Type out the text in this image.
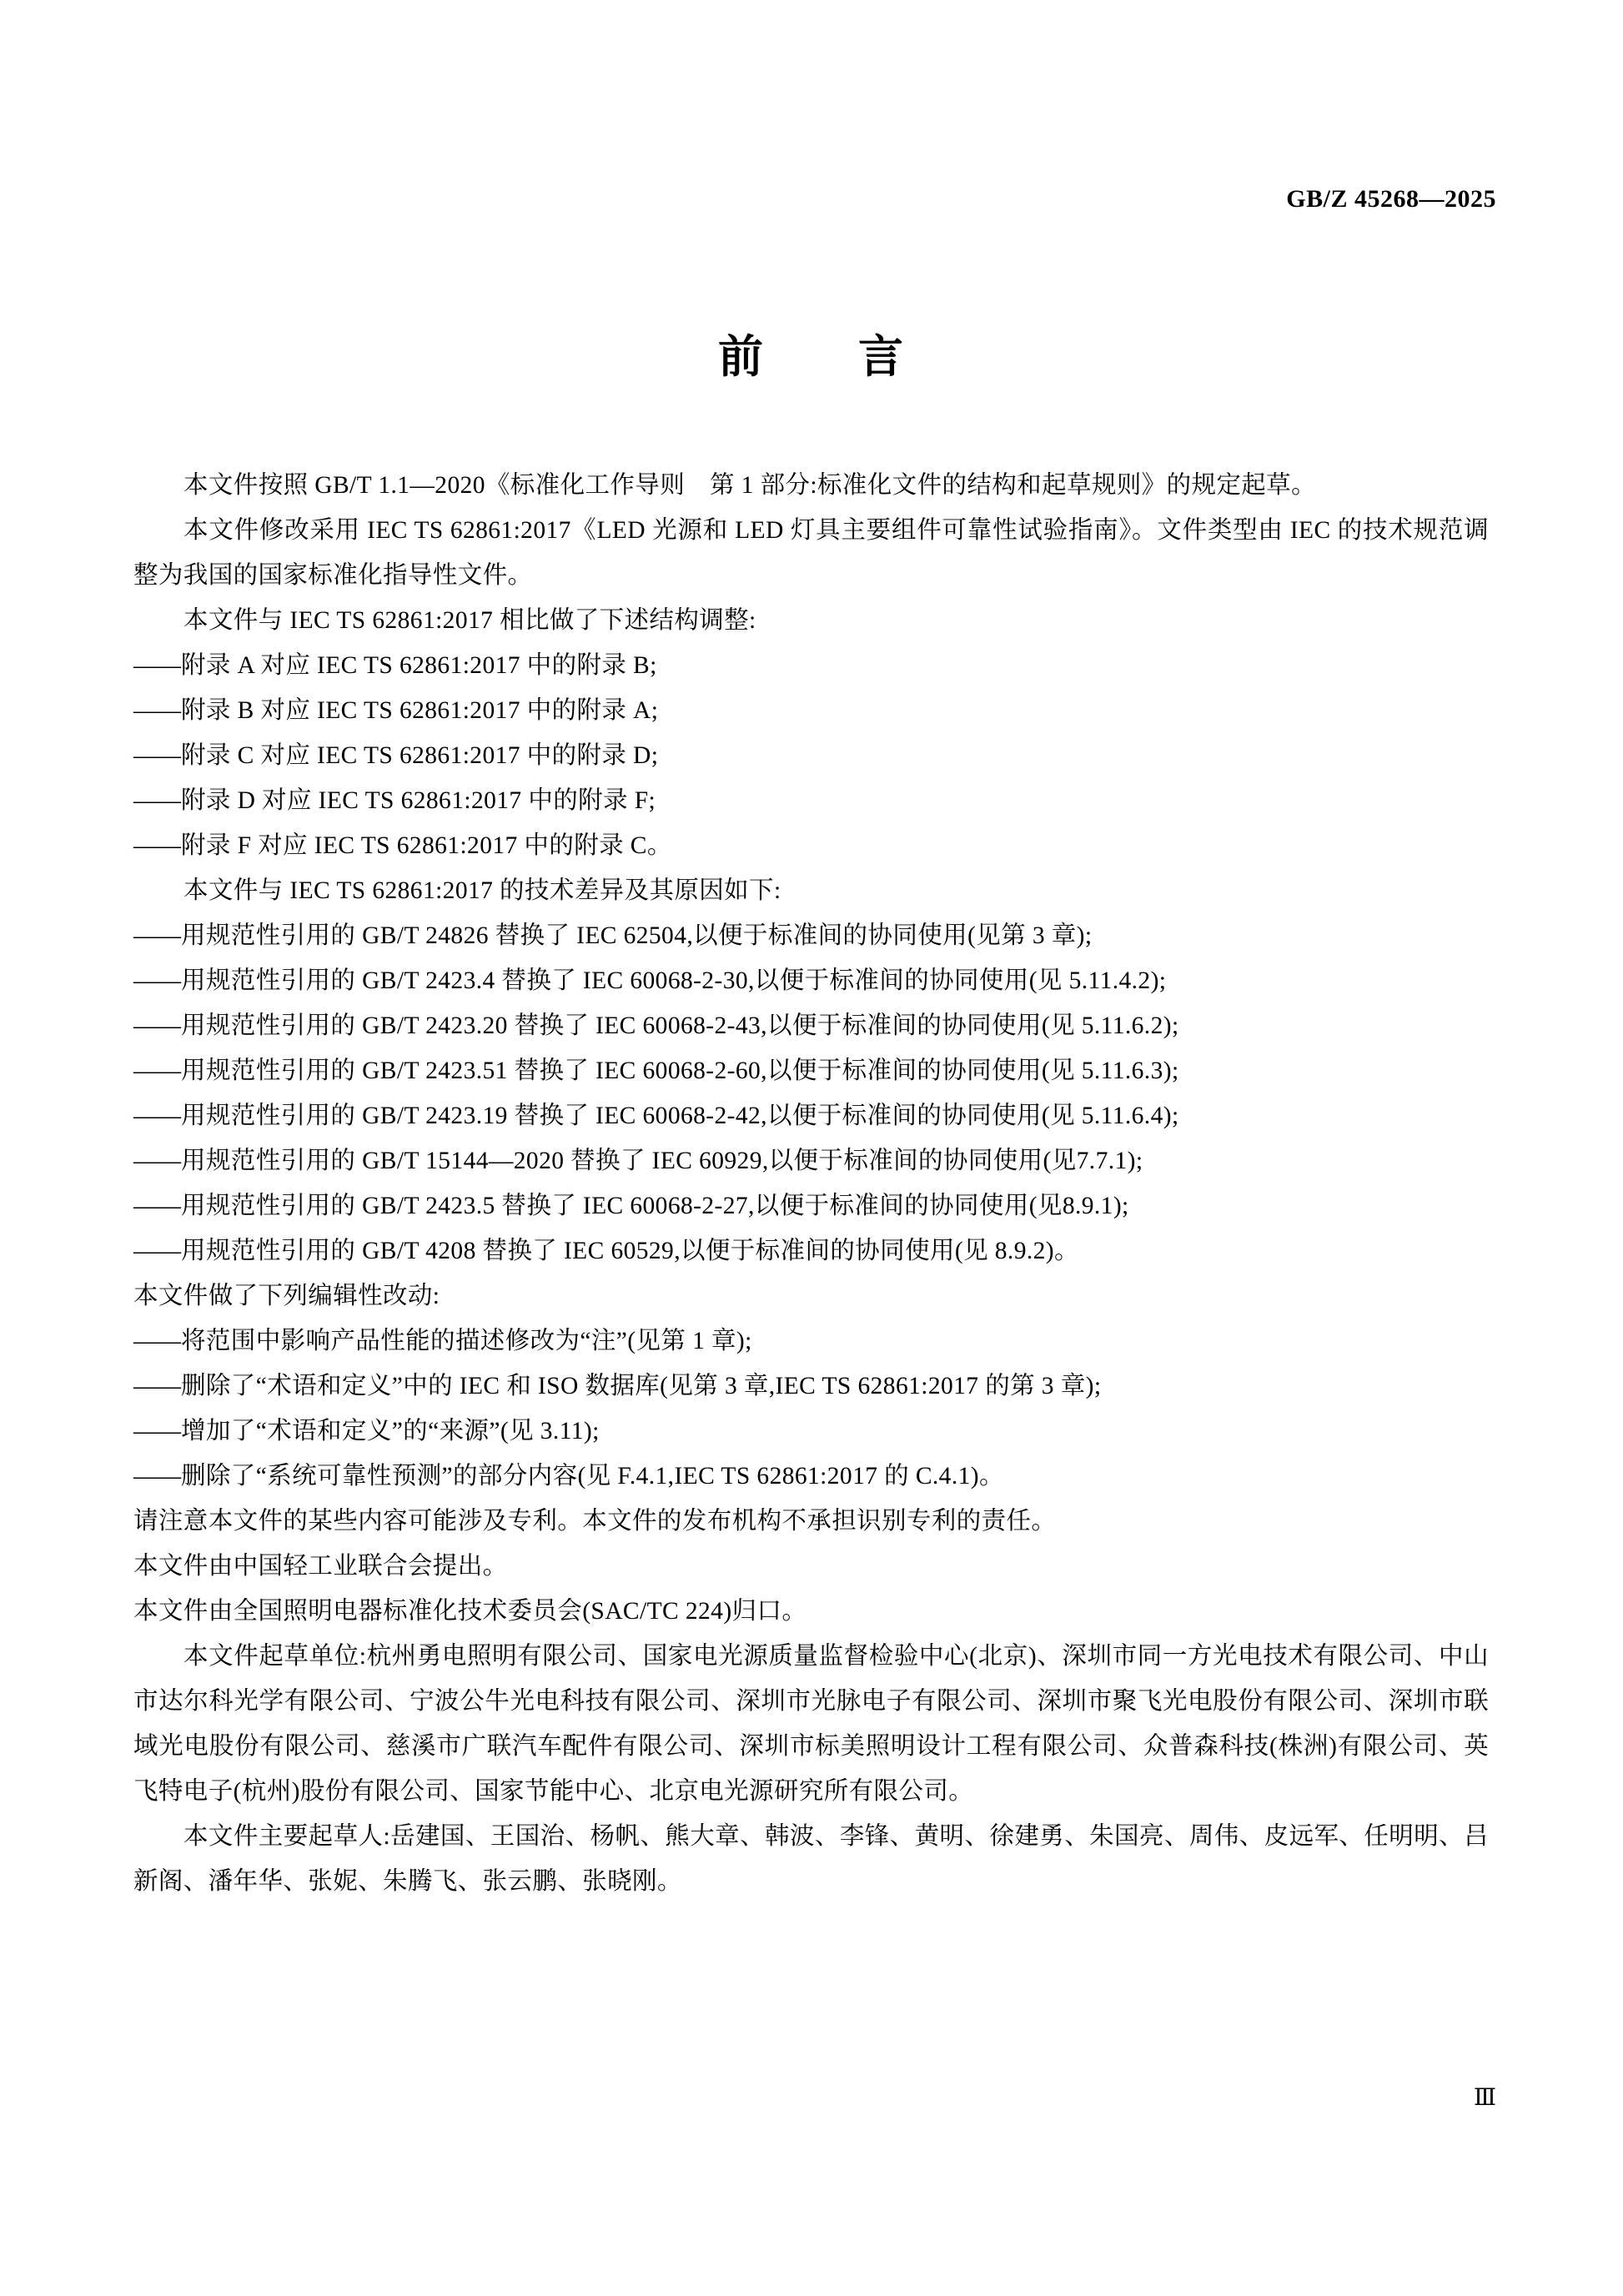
GB/Z 45268—2025
前　　言

本文件按照 GB/T 1.1—2020《标准化工作导则　第 1 部分:标准化文件的结构和起草规则》的规定起草。

本文件修改采用 IEC TS 62861:2017《LED 光源和 LED 灯具主要组件可靠性试验指南》。文件类型由 IEC 的技术规范调整为我国的国家标准化指导性文件。

本文件与 IEC TS 62861:2017 相比做了下述结构调整:

——附录 A 对应 IEC TS 62861:2017 中的附录 B;

——附录 B 对应 IEC TS 62861:2017 中的附录 A;

——附录 C 对应 IEC TS 62861:2017 中的附录 D;

——附录 D 对应 IEC TS 62861:2017 中的附录 F;

——附录 F 对应 IEC TS 62861:2017 中的附录 C。

本文件与 IEC TS 62861:2017 的技术差异及其原因如下:

——用规范性引用的 GB/T 24826 替换了 IEC 62504,以便于标准间的协同使用(见第 3 章);

——用规范性引用的 GB/T 2423.4 替换了 IEC 60068-2-30,以便于标准间的协同使用(见 5.11.4.2);

——用规范性引用的 GB/T 2423.20 替换了 IEC 60068-2-43,以便于标准间的协同使用(见 5.11.6.2);

——用规范性引用的 GB/T 2423.51 替换了 IEC 60068-2-60,以便于标准间的协同使用(见 5.11.6.3);

——用规范性引用的 GB/T 2423.19 替换了 IEC 60068-2-42,以便于标准间的协同使用(见 5.11.6.4);

——用规范性引用的 GB/T 15144—2020 替换了 IEC 60929,以便于标准间的协同使用(见7.7.1);

——用规范性引用的 GB/T 2423.5 替换了 IEC 60068-2-27,以便于标准间的协同使用(见8.9.1);

——用规范性引用的 GB/T 4208 替换了 IEC 60529,以便于标准间的协同使用(见 8.9.2)。

本文件做了下列编辑性改动:

——将范围中影响产品性能的描述修改为“注”(见第 1 章);

——删除了“术语和定义”中的 IEC 和 ISO 数据库(见第 3 章,IEC TS 62861:2017 的第 3 章);

——增加了“术语和定义”的“来源”(见 3.11);

——删除了“系统可靠性预测”的部分内容(见 F.4.1,IEC TS 62861:2017 的 C.4.1)。

请注意本文件的某些内容可能涉及专利。本文件的发布机构不承担识别专利的责任。

本文件由中国轻工业联合会提出。

本文件由全国照明电器标准化技术委员会(SAC/TC 224)归口。

本文件起草单位:杭州勇电照明有限公司、国家电光源质量监督检验中心(北京)、深圳市同一方光电技术有限公司、中山市达尔科光学有限公司、宁波公牛光电科技有限公司、深圳市光脉电子有限公司、深圳市聚飞光电股份有限公司、深圳市联域光电股份有限公司、慈溪市广联汽车配件有限公司、深圳市标美照明设计工程有限公司、众普森科技(株洲)有限公司、英飞特电子(杭州)股份有限公司、国家节能中心、北京电光源研究所有限公司。

本文件主要起草人:岳建国、王国治、杨帆、熊大章、韩波、李锋、黄明、徐建勇、朱国亮、周伟、皮远军、任明明、吕新阁、潘年华、张妮、朱腾飞、张云鹏、张晓刚。

Ⅲ
